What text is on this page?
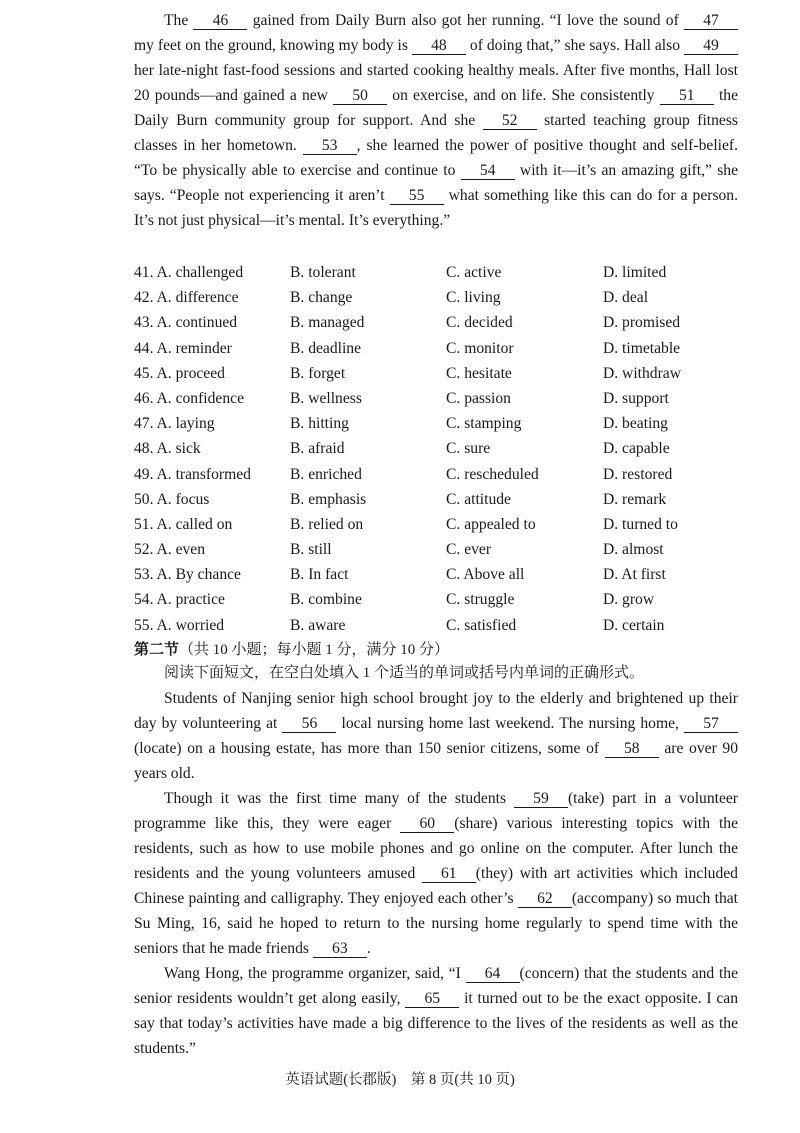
The 46 gained from Daily Burn also got her running. “I love the sound of 47 my feet on the ground, knowing my body is 48 of doing that,” she says. Hall also 49 her late-night fast-food sessions and started cooking healthy meals. After five months, Hall lost 20 pounds—and gained a new 50 on exercise, and on life. She consistently 51 the Daily Burn community group for support. And she 52 started teaching group fitness classes in her hometown. 53 , she learned the power of positive thought and self-belief. “To be physically able to exercise and continue to 54 with it—it’s an amazing gift,” she says. “People not experiencing it aren’t 55 what something like this can do for a person. It’s not just physical—it’s mental. It’s everything.”

41. A. challenged	B. tolerant	C. active	D. limited
42. A. difference	B. change	C. living	D. deal
43. A. continued	B. managed	C. decided	D. promised
44. A. reminder	B. deadline	C. monitor	D. timetable
45. A. proceed	B. forget	C. hesitate	D. withdraw
46. A. confidence	B. wellness	C. passion	D. support
47. A. laying	B. hitting	C. stamping	D. beating
48. A. sick	B. afraid	C. sure	D. capable
49. A. transformed	B. enriched	C. rescheduled	D. restored
50. A. focus	B. emphasis	C. attitude	D. remark
51. A. called on	B. relied on	C. appealed to	D. turned to
52. A. even	B. still	C. ever	D. almost
53. A. By chance	B. In fact	C. Above all	D. At first
54. A. practice	B. combine	C. struggle	D. grow
55. A. worried	B. aware	C. satisfied	D. certain
第二节（共 10 小题；每小题 1 分，满分 10 分）
阅读下面短文，在空白处填入 1 个适当的单词或括号内单词的正确形式。

Students of Nanjing senior high school brought joy to the elderly and brightened up their day by volunteering at 56 local nursing home last weekend. The nursing home, 57(locate) on a housing estate, has more than 150 senior citizens, some of 58 are over 90 years old.

Though it was the first time many of the students 59 (take) part in a volunteer programme like this, they were eager 60 (share) various interesting topics with the residents, such as how to use mobile phones and go online on the computer. After lunch the residents and the young volunteers amused 61 (they) with art activities which included Chinese painting and calligraphy. They enjoyed each other’s 62 (accompany) so much that Su Ming, 16, said he hoped to return to the nursing home regularly to spend time with the seniors that he made friends 63 .

Wang Hong, the programme organizer, said, “I 64 (concern) that the students and the senior residents wouldn’t get along easily, 65 it turned out to be the exact opposite. I can say that today’s activities have made a big difference to the lives of the residents as well as the students.”

英语试题(长郡版)　第 8 页(共 10 页)
